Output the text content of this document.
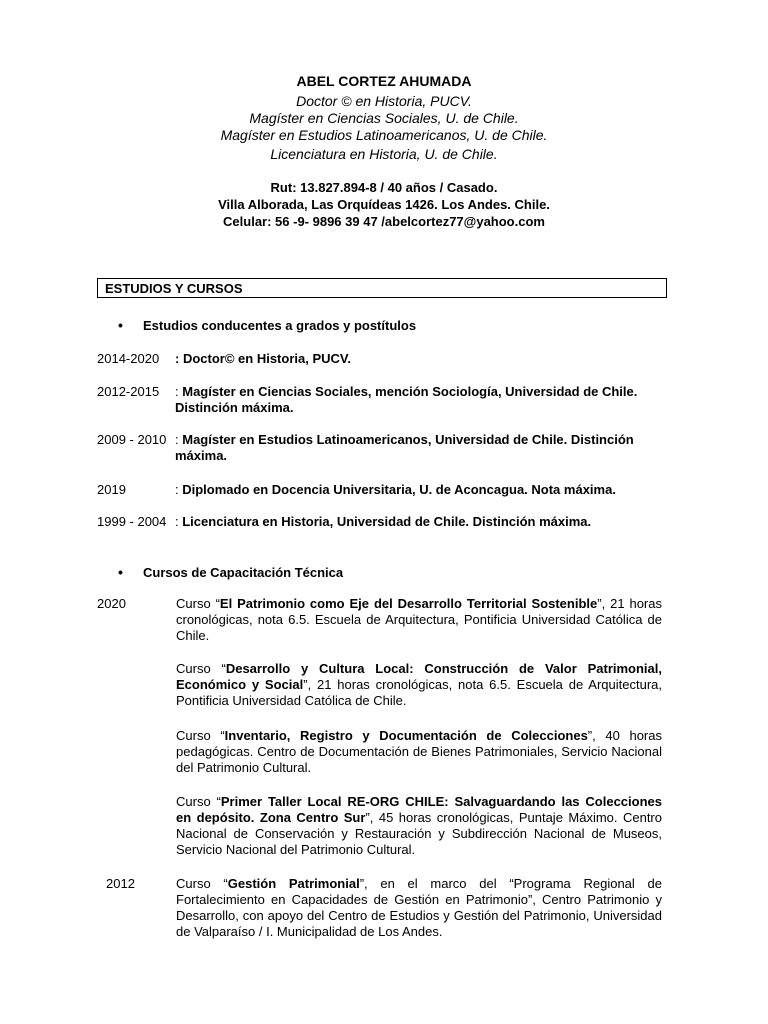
ABEL CORTEZ AHUMADA
Doctor © en Historia, PUCV.
Magíster en Ciencias Sociales, U. de Chile.
Magíster en Estudios Latinoamericanos, U. de Chile.
Licenciatura en Historia, U. de Chile.
Rut: 13.827.894-8 / 40 años / Casado.
Villa Alborada, Las Orquídeas 1426. Los Andes. Chile.
Celular: 56 -9- 9896 39 47 /abelcortez77@yahoo.com
ESTUDIOS Y CURSOS
• Estudios conducentes a grados y postítulos
2014-2020 : Doctor© en Historia, PUCV.
2012-2015 : Magíster en Ciencias Sociales, mención Sociología, Universidad de Chile. Distinción máxima.
2009 - 2010 : Magíster en Estudios Latinoamericanos, Universidad de Chile. Distinción máxima.
2019	: Diplomado en Docencia Universitaria, U. de Aconcagua. Nota máxima.
1999 - 2004 : Licenciatura en Historia, Universidad de Chile. Distinción máxima.
• Cursos de Capacitación Técnica
2020	Curso “El Patrimonio como Eje del Desarrollo Territorial Sostenible”, 21 horas cronológicas, nota 6.5. Escuela de Arquitectura, Pontificia Universidad Católica de Chile.
Curso “Desarrollo y Cultura Local: Construcción de Valor Patrimonial, Económico y Social”, 21 horas cronológicas, nota 6.5. Escuela de Arquitectura, Pontificia Universidad Católica de Chile.
Curso “Inventario, Registro y Documentación de Colecciones”, 40 horas pedagógicas. Centro de Documentación de Bienes Patrimoniales, Servicio Nacional del Patrimonio Cultural.
Curso “Primer Taller Local RE-ORG CHILE: Salvaguardando las Colecciones en depósito. Zona Centro Sur”, 45 horas cronológicas, Puntaje Máximo. Centro Nacional de Conservación y Restauración y Subdirección Nacional de Museos, Servicio Nacional del Patrimonio Cultural.
2012	Curso “Gestión Patrimonial”, en el marco del “Programa Regional de Fortalecimiento en Capacidades de Gestión en Patrimonio”, Centro Patrimonio y Desarrollo, con apoyo del Centro de Estudios y Gestión del Patrimonio, Universidad de Valparaíso / I. Municipalidad de Los Andes.
